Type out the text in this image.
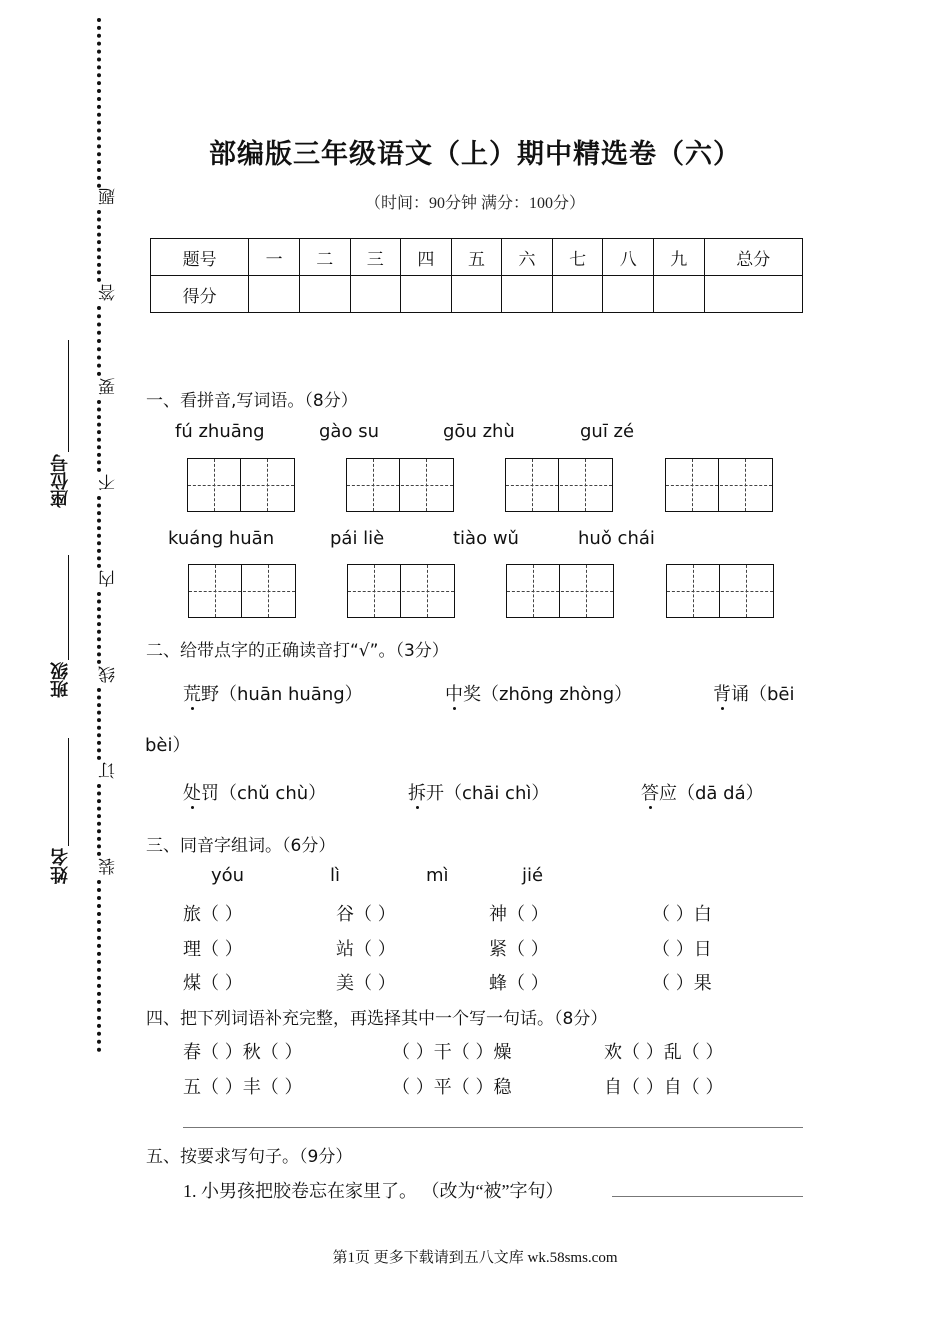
题
答
要
不
内
线
订
装
座位号
班级
姓名
部编版三年级语文（上）期中精选卷（六）
（时间：90分钟 满分：100分）
题号	一	二	三	四	五	六	七	八	九	总分
得分										
一、看拼音,写词语。（8分）
fú zhuāng	gào su	gōu zhù	guī zé
kuáng huān	pái liè	tiào wǔ	huǒ chái
二、给带点字的正确读音打“√”。（3分）
荒野（huān huāng）	中奖（zhōng zhòng）	背诵（bēi
bèi）
处罚（chǔ chù）	拆开（chāi chì）	答应（dā dá）
三、同音字组词。（6分）
yóu	lì	mì	jié
旅（ ）	谷（ ）	神（ ）	（ ）白
理（ ）	站（ ）	紧（ ）	（ ）日
煤（ ）	美（ ）	蜂（ ）	（ ）果
四、把下列词语补充完整，再选择其中一个写一句话。（8分）
春（ ）秋（ ）	（ ）干（ ）燥	欢（ ）乱（ ）
五（ ）丰（ ）	（ ）平（ ）稳	自（ ）自（ ）
五、按要求写句子。（9分）
1. 小男孩把胶卷忘在家里了。 （改为“被”字句）
第1页 更多下载请到五八文库 wk.58sms.com
